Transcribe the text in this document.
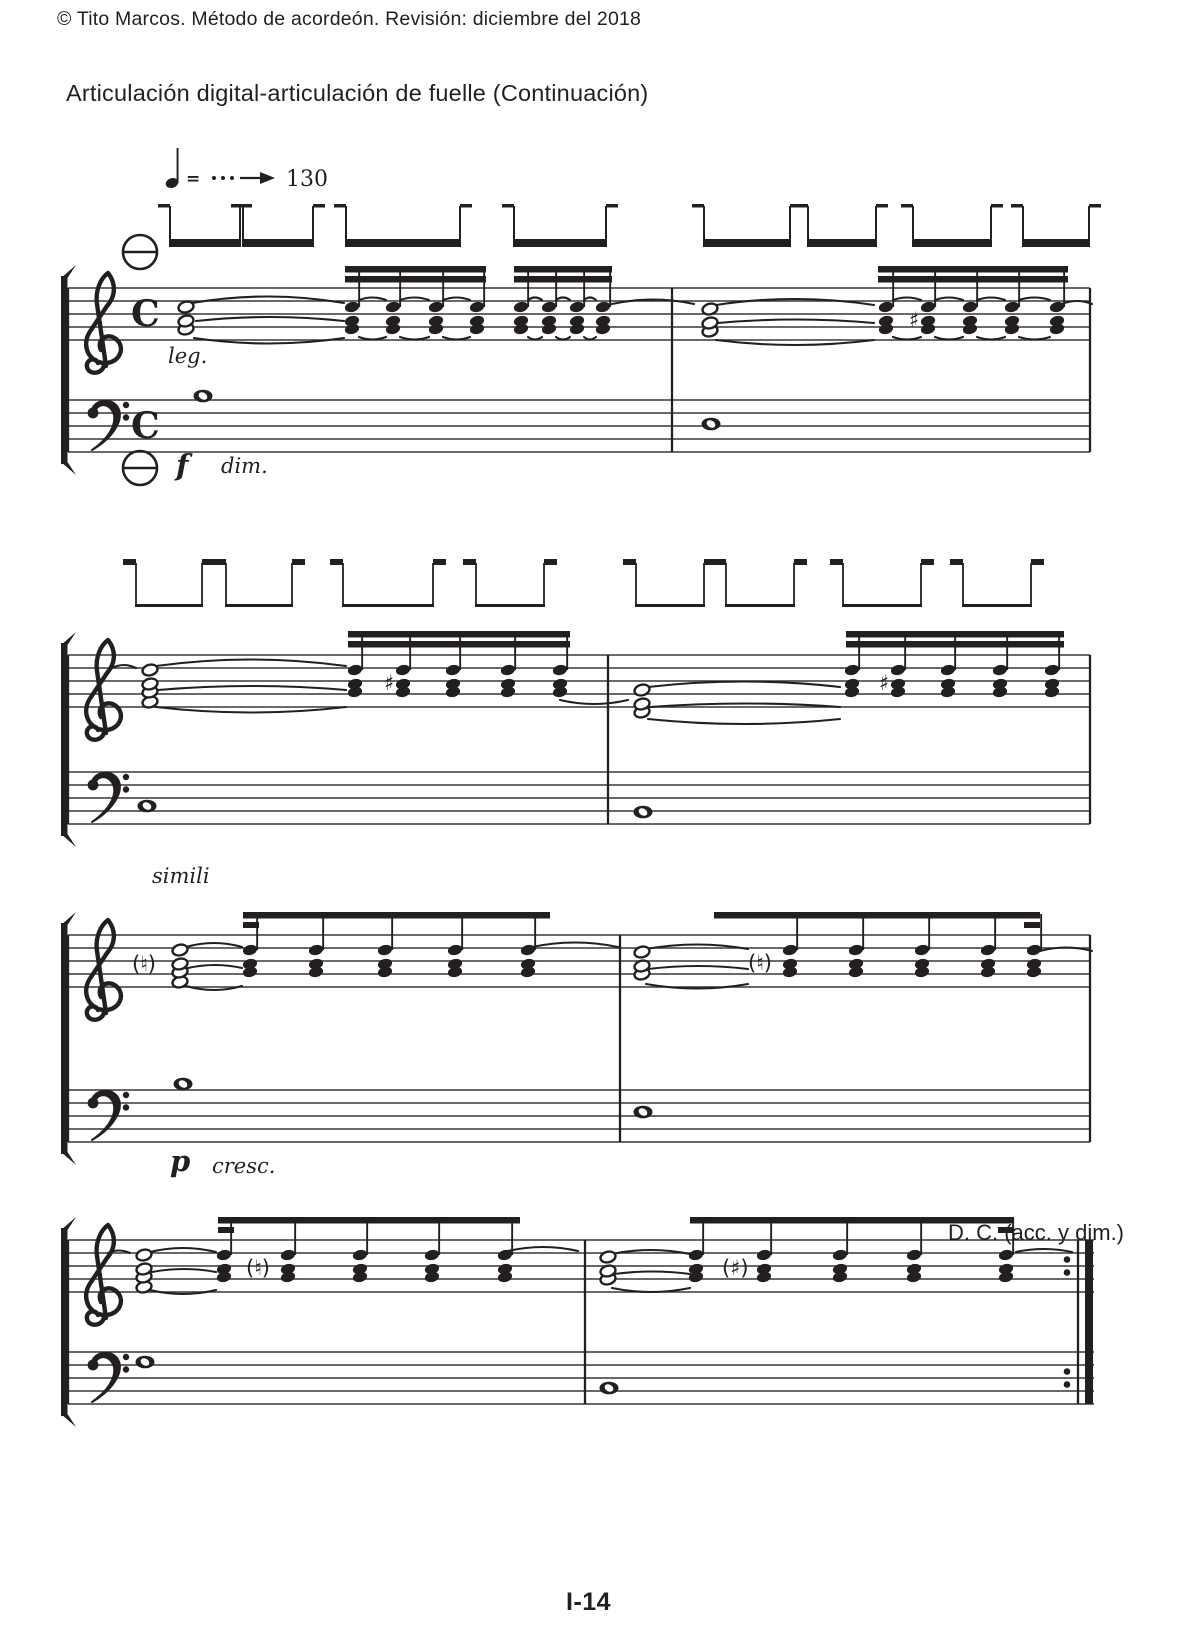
=	130
C
C
♯
♯	♯
(♮)	(♮)
(♮)	(♯)
© Tito Marcos. Método de acordeón. Revisión: diciembre del 2018
Articulación digital-articulación de fuelle (Continuación)
leg.
f dim.
simili
p cresc.
D. C. (acc. y dim.)
I-14
